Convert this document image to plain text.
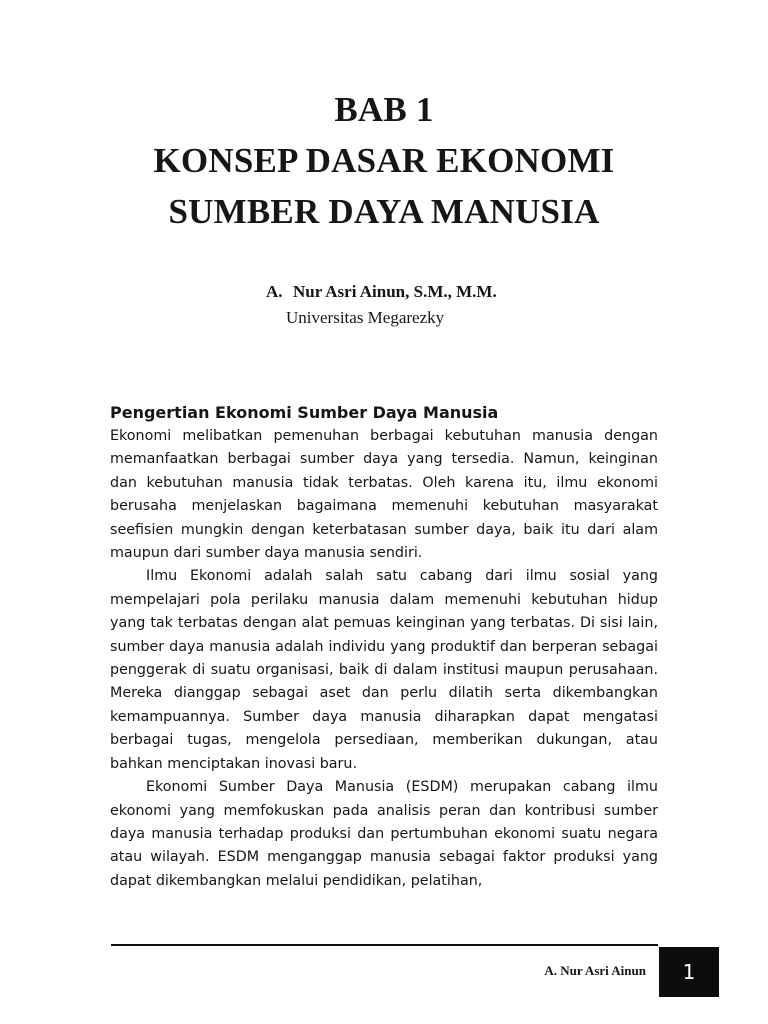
BAB 1

KONSEP DASAR EKONOMI

SUMBER DAYA MANUSIA

A. Nur Asri Ainun, S.M., M.M.
Universitas Megarezky

Pengertian Ekonomi Sumber Daya Manusia

Ekonomi melibatkan pemenuhan berbagai kebutuhan manusia dengan memanfaatkan berbagai sumber daya yang tersedia. Namun, keinginan dan kebutuhan manusia tidak terbatas. Oleh karena itu, ilmu ekonomi berusaha menjelaskan bagaimana memenuhi kebutuhan masyarakat seefisien mungkin dengan keterbatasan sumber daya, baik itu dari alam maupun dari sumber daya manusia sendiri.

Ilmu Ekonomi adalah salah satu cabang dari ilmu sosial yang mempelajari pola perilaku manusia dalam memenuhi kebutuhan hidup yang tak terbatas dengan alat pemuas keinginan yang terbatas. Di sisi lain, sumber daya manusia adalah individu yang produktif dan berperan sebagai penggerak di suatu organisasi, baik di dalam institusi maupun perusahaan. Mereka dianggap sebagai aset dan perlu dilatih serta dikembangkan kemampuannya. Sumber daya manusia diharapkan dapat mengatasi berbagai tugas, mengelola persediaan, memberikan dukungan, atau bahkan menciptakan inovasi baru.

Ekonomi Sumber Daya Manusia (ESDM) merupakan cabang ilmu ekonomi yang memfokuskan pada analisis peran dan kontribusi sumber daya manusia terhadap produksi dan pertumbuhan ekonomi suatu negara atau wilayah. ESDM menganggap manusia sebagai faktor produksi yang dapat dikembangkan melalui pendidikan, pelatihan,

A. Nur Asri Ainun	1
